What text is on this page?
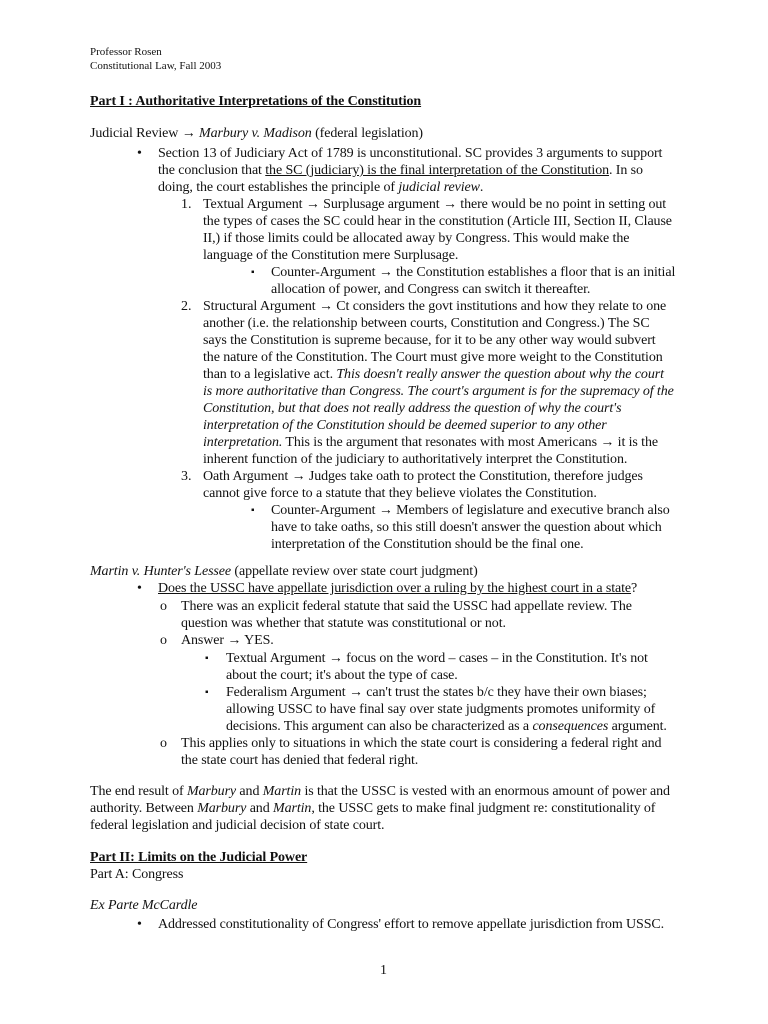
Professor Rosen
Constitutional Law, Fall 2003
Part I : Authoritative Interpretations of the Constitution
Judicial Review → Marbury v. Madison (federal legislation)
• Section 13 of Judiciary Act of 1789 is unconstitutional. SC provides 3 arguments to support
the conclusion that the SC (judiciary) is the final interpretation of the Constitution. In so
doing, the court establishes the principle of judicial review.
1. Textual Argument → Surplusage argument → there would be no point in setting out
the types of cases the SC could hear in the constitution (Article III, Section II, Clause
II,) if those limits could be allocated away by Congress. This would make the
language of the Constitution mere Surplusage.
▪ Counter-Argument → the Constitution establishes a floor that is an initial
allocation of power, and Congress can switch it thereafter.
2. Structural Argument → Ct considers the govt institutions and how they relate to one
another (i.e. the relationship between courts, Constitution and Congress.) The SC
says the Constitution is supreme because, for it to be any other way would subvert
the nature of the Constitution. The Court must give more weight to the Constitution
than to a legislative act. This doesn't really answer the question about why the court
is more authoritative than Congress. The court's argument is for the supremacy of the
Constitution, but that does not really address the question of why the court's
interpretation of the Constitution should be deemed superior to any other
interpretation. This is the argument that resonates with most Americans → it is the
inherent function of the judiciary to authoritatively interpret the Constitution.
3. Oath Argument → Judges take oath to protect the Constitution, therefore judges
cannot give force to a statute that they believe violates the Constitution.
▪ Counter-Argument → Members of legislature and executive branch also
have to take oaths, so this still doesn't answer the question about which
interpretation of the Constitution should be the final one.
Martin v. Hunter's Lessee (appellate review over state court judgment)
• Does the USSC have appellate jurisdiction over a ruling by the highest court in a state?
o There was an explicit federal statute that said the USSC had appellate review. The
question was whether that statute was constitutional or not.
o Answer → YES.
▪ Textual Argument → focus on the word – cases – in the Constitution. It's not
about the court; it's about the type of case.
▪ Federalism Argument → can't trust the states b/c they have their own biases;
allowing USSC to have final say over state judgments promotes uniformity of
decisions. This argument can also be characterized as a consequences argument.
o This applies only to situations in which the state court is considering a federal right and
the state court has denied that federal right.
The end result of Marbury and Martin is that the USSC is vested with an enormous amount of power and
authority. Between Marbury and Martin, the USSC gets to make final judgment re: constitutionality of
federal legislation and judicial decision of state court.
Part II: Limits on the Judicial Power
Part A: Congress
Ex Parte McCardle
• Addressed constitutionality of Congress' effort to remove appellate jurisdiction from USSC.
1
